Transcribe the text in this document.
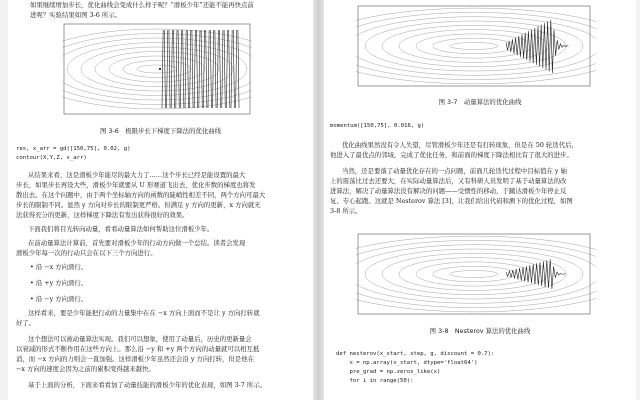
如果继续增加步长，优化曲线会变成什么样子呢？“滑板少年”还能不能再快点前
进呢？实验结果如图 3-6 所示。
图 3-6　极限步长下梯度下降法的优化曲线
res, x_arr = gd([150,75], 0.02, g)
contour(X,Y,Z, x_arr)
从结果来看，这是滑板少年能尽的最大力了……这个步长已经是能设置的最大
步长，如果步长再设大些，滑板少年就要从 U 形赛道飞出去，优化步数的梯度也将发
散出去。在这个问题中，由于两个坐标轴方向的函数的陡峭性相差不同，两个方向可最大
步长的限制不同。显然 y 方向对步长的限制更严格。但满足 y 方向的更新，x 方向就无
法获得充分的更新，这样梯度下降法有发出获得很好的效果。
下面我们将目光转向动量，看看动量算法如何帮助这位滑板少年。
在前动量算法计算前，首先要对滑板少年的行动方向做一个总结。读者会发现
滑板少年每一次的行动只会在以下三个方向进行。
• 沿 −x 方向滑行。
• 沿 +y 方向滑行。
• 沿 −y 方向滑行。
这样看来，要是少年能把行动的力量集中在在 −x 方向上面而不是让 y 方向打转就
好了。
这个想法可以被动量算法实现。我们可以想象，使用了动量后，历史的更新量会
以衰减的形式不断作用在这些方向上。那么沿 −y 和 +y 两个方向的动量就可以相互抵
消，而 −x 方向的力则会一直加强。这样滑板少年虽然还会沿 y 方向打转，但是他在
−x 方向的速度会因为之前的累积变得越来越快。
基于上面的分析，下面来看看加了动量技能的滑板少年的优化表现，如图 3-7 所示。
图 3-7　动量算法的优化曲线
momentum([150,75], 0.016, g)
优化曲线果然没有令人失望，尽管滑板少年还是有打转现象，但是在 50 轮迭代后，
他进入了最优点的邻域，完成了优化任务，和前面的梯度下降法相比有了很大的进步。
当然，还是要落了动量优化存在的一点问题，前面几轮迭代过程中目标值在 y 轴
上的震荡比过去还要大，在实际动量算法后，又有科研人员发明了基于动量算法的改
进算法，解决了动量算法没有解决的问题——受惯性的移动，于蹴达滑板少年停止反
复、专心起跑。这就是 Nesterov 算法 [3]，让我们给出代码和测下的优化过程，如图
3-8 所示。
图 3-8　Nesterov 算法的优化曲线
def nesterov(x_start, step, g, discount = 0.7):
x = np.array(x_start, dtype='float64')
pre_grad = np.zeros_like(x)
for i in range(50):
